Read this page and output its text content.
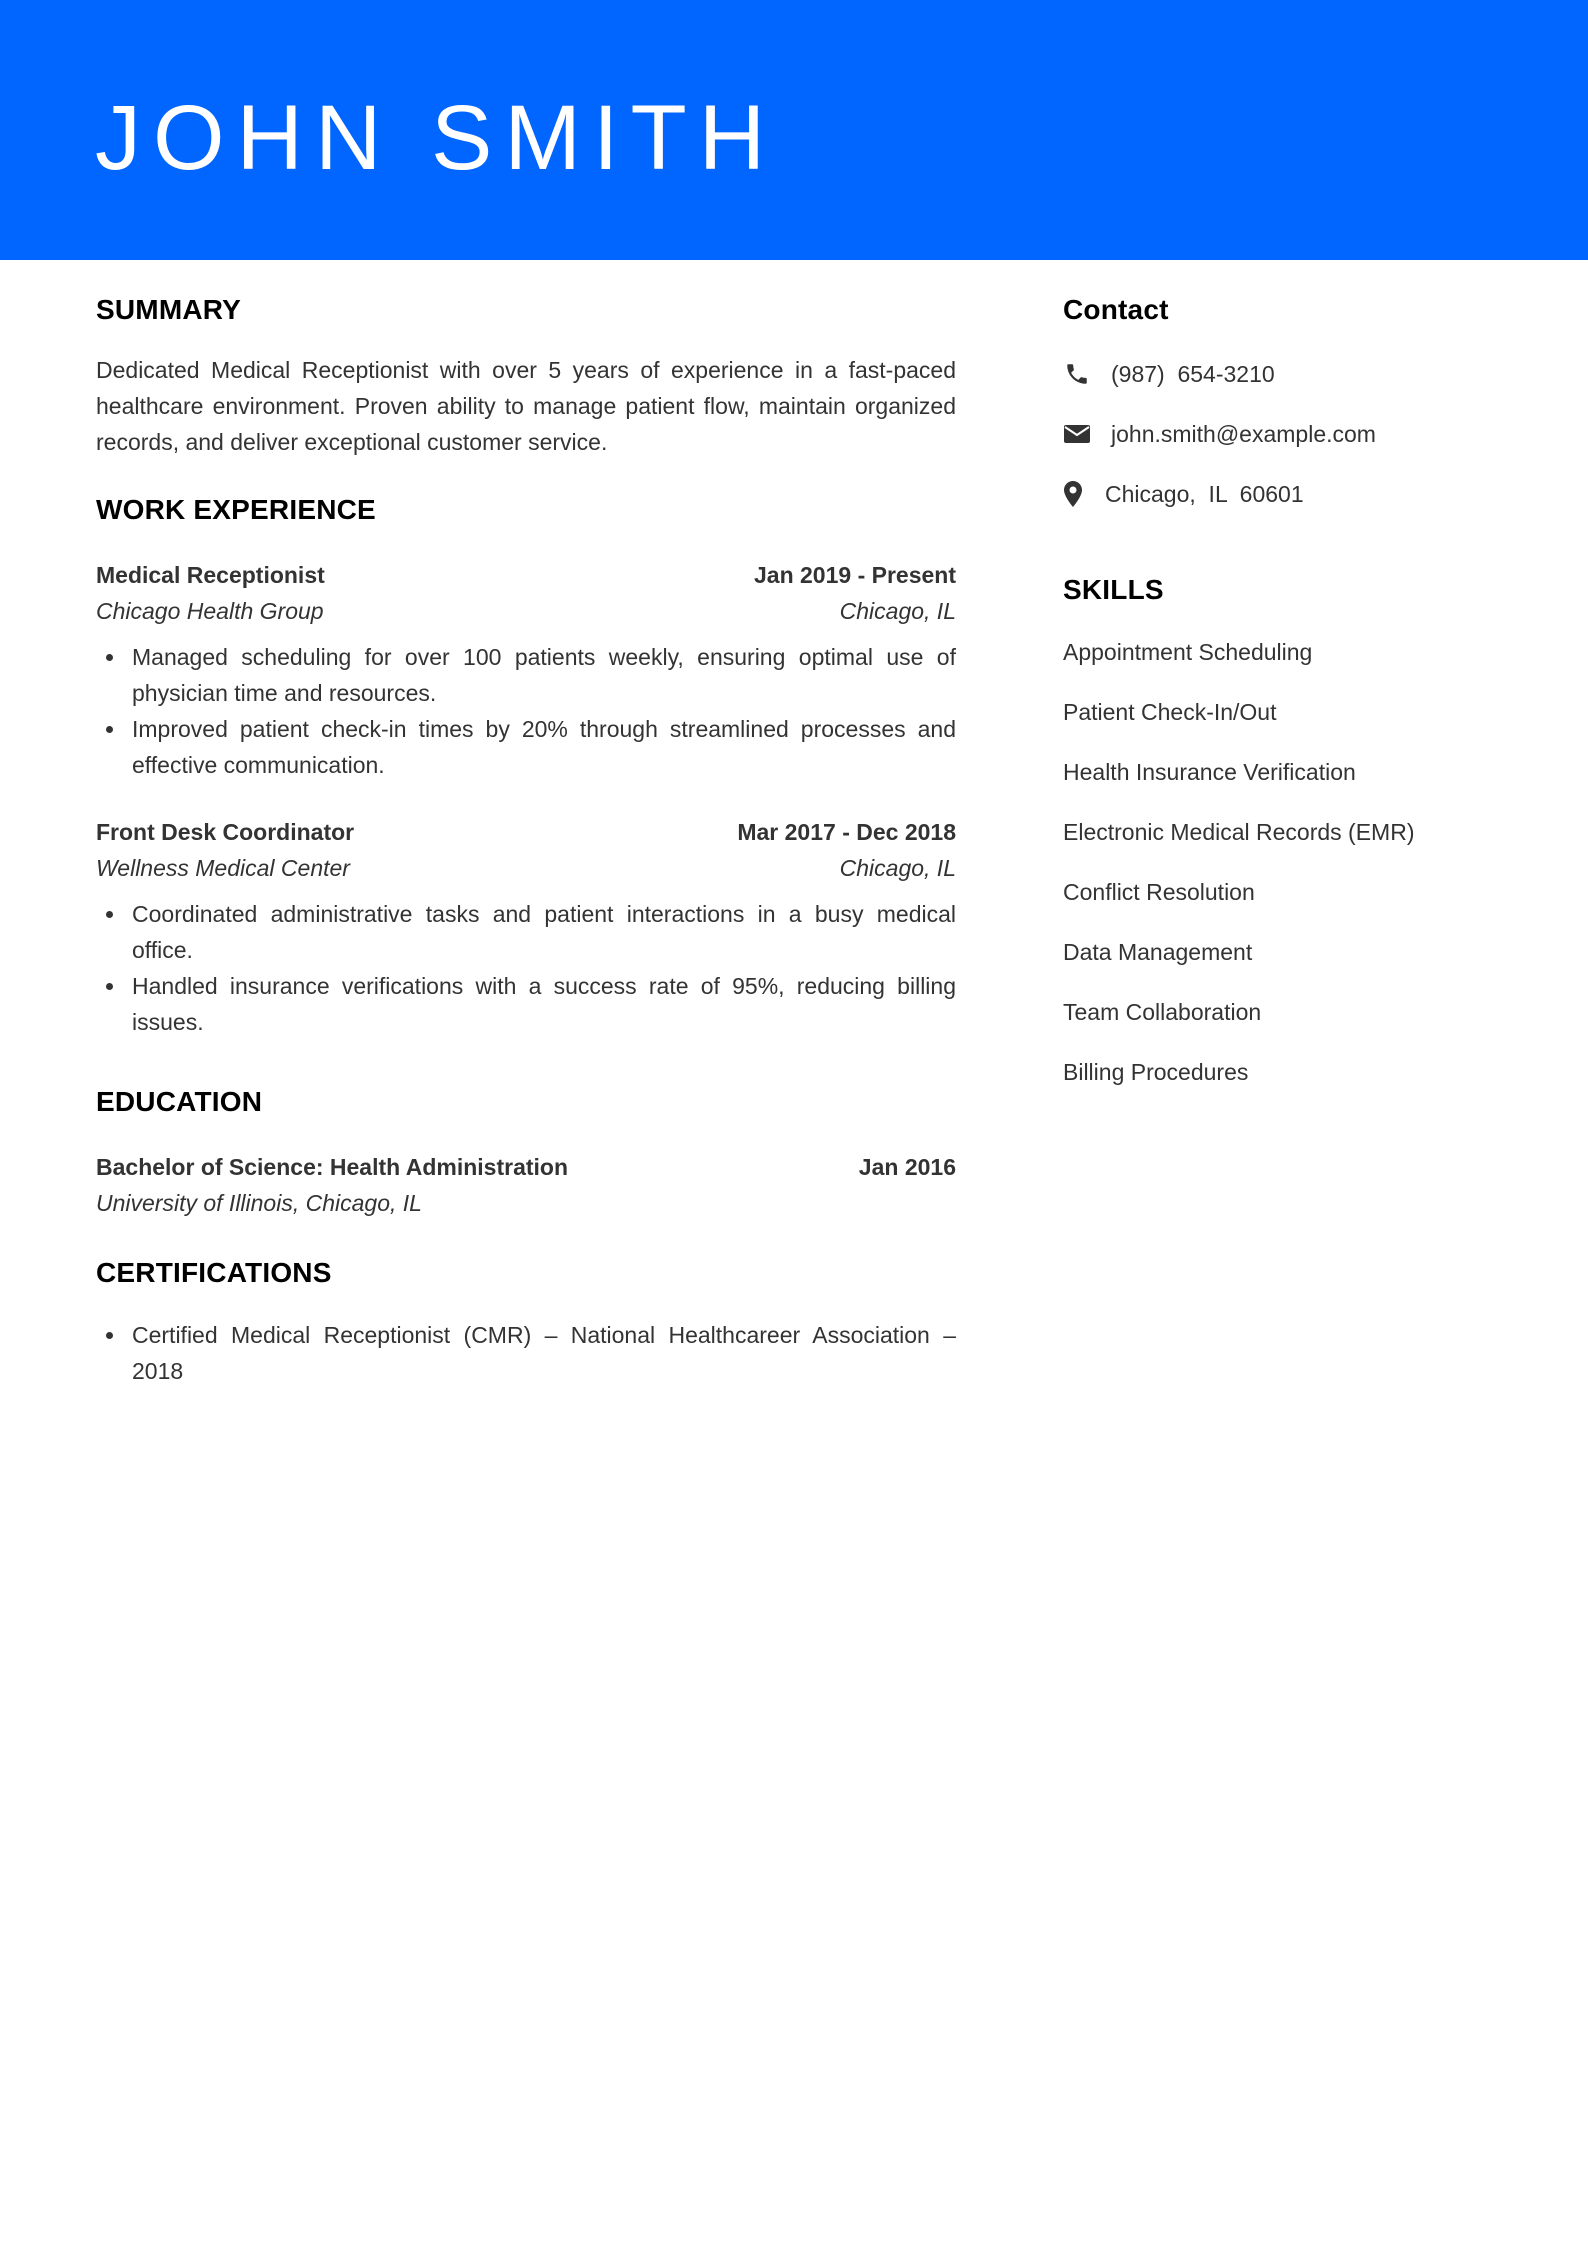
JOHN SMITH
SUMMARY

Dedicated Medical Receptionist with over 5 years of experience in a fast-paced healthcare environment. Proven ability to manage patient flow, maintain organized records, and deliver exceptional customer service.

WORK EXPERIENCE
Medical Receptionist	Jan 2019 - Present
Chicago Health Group	Chicago, IL
Managed scheduling for over 100 patients weekly, ensuring optimal use of physician time and resources.
Improved patient check-in times by 20% through streamlined processes and effective communication.
Front Desk Coordinator	Mar 2017 - Dec 2018
Wellness Medical Center	Chicago, IL
Coordinated administrative tasks and patient interactions in a busy medical office.
Handled insurance verifications with a success rate of 95%, reducing billing issues.
EDUCATION
Bachelor of Science: Health Administration	Jan 2016
University of Illinois, Chicago, IL
CERTIFICATIONS
Certified Medical Receptionist (CMR) – National Healthcareer Association – 2018
Contact
(987)  654-3210
john.smith@example.com
Chicago,  IL  60601
SKILLS
Appointment Scheduling
Patient Check-In/Out
Health Insurance Verification
Electronic Medical Records (EMR)
Conflict Resolution
Data Management
Team Collaboration
Billing Procedures
